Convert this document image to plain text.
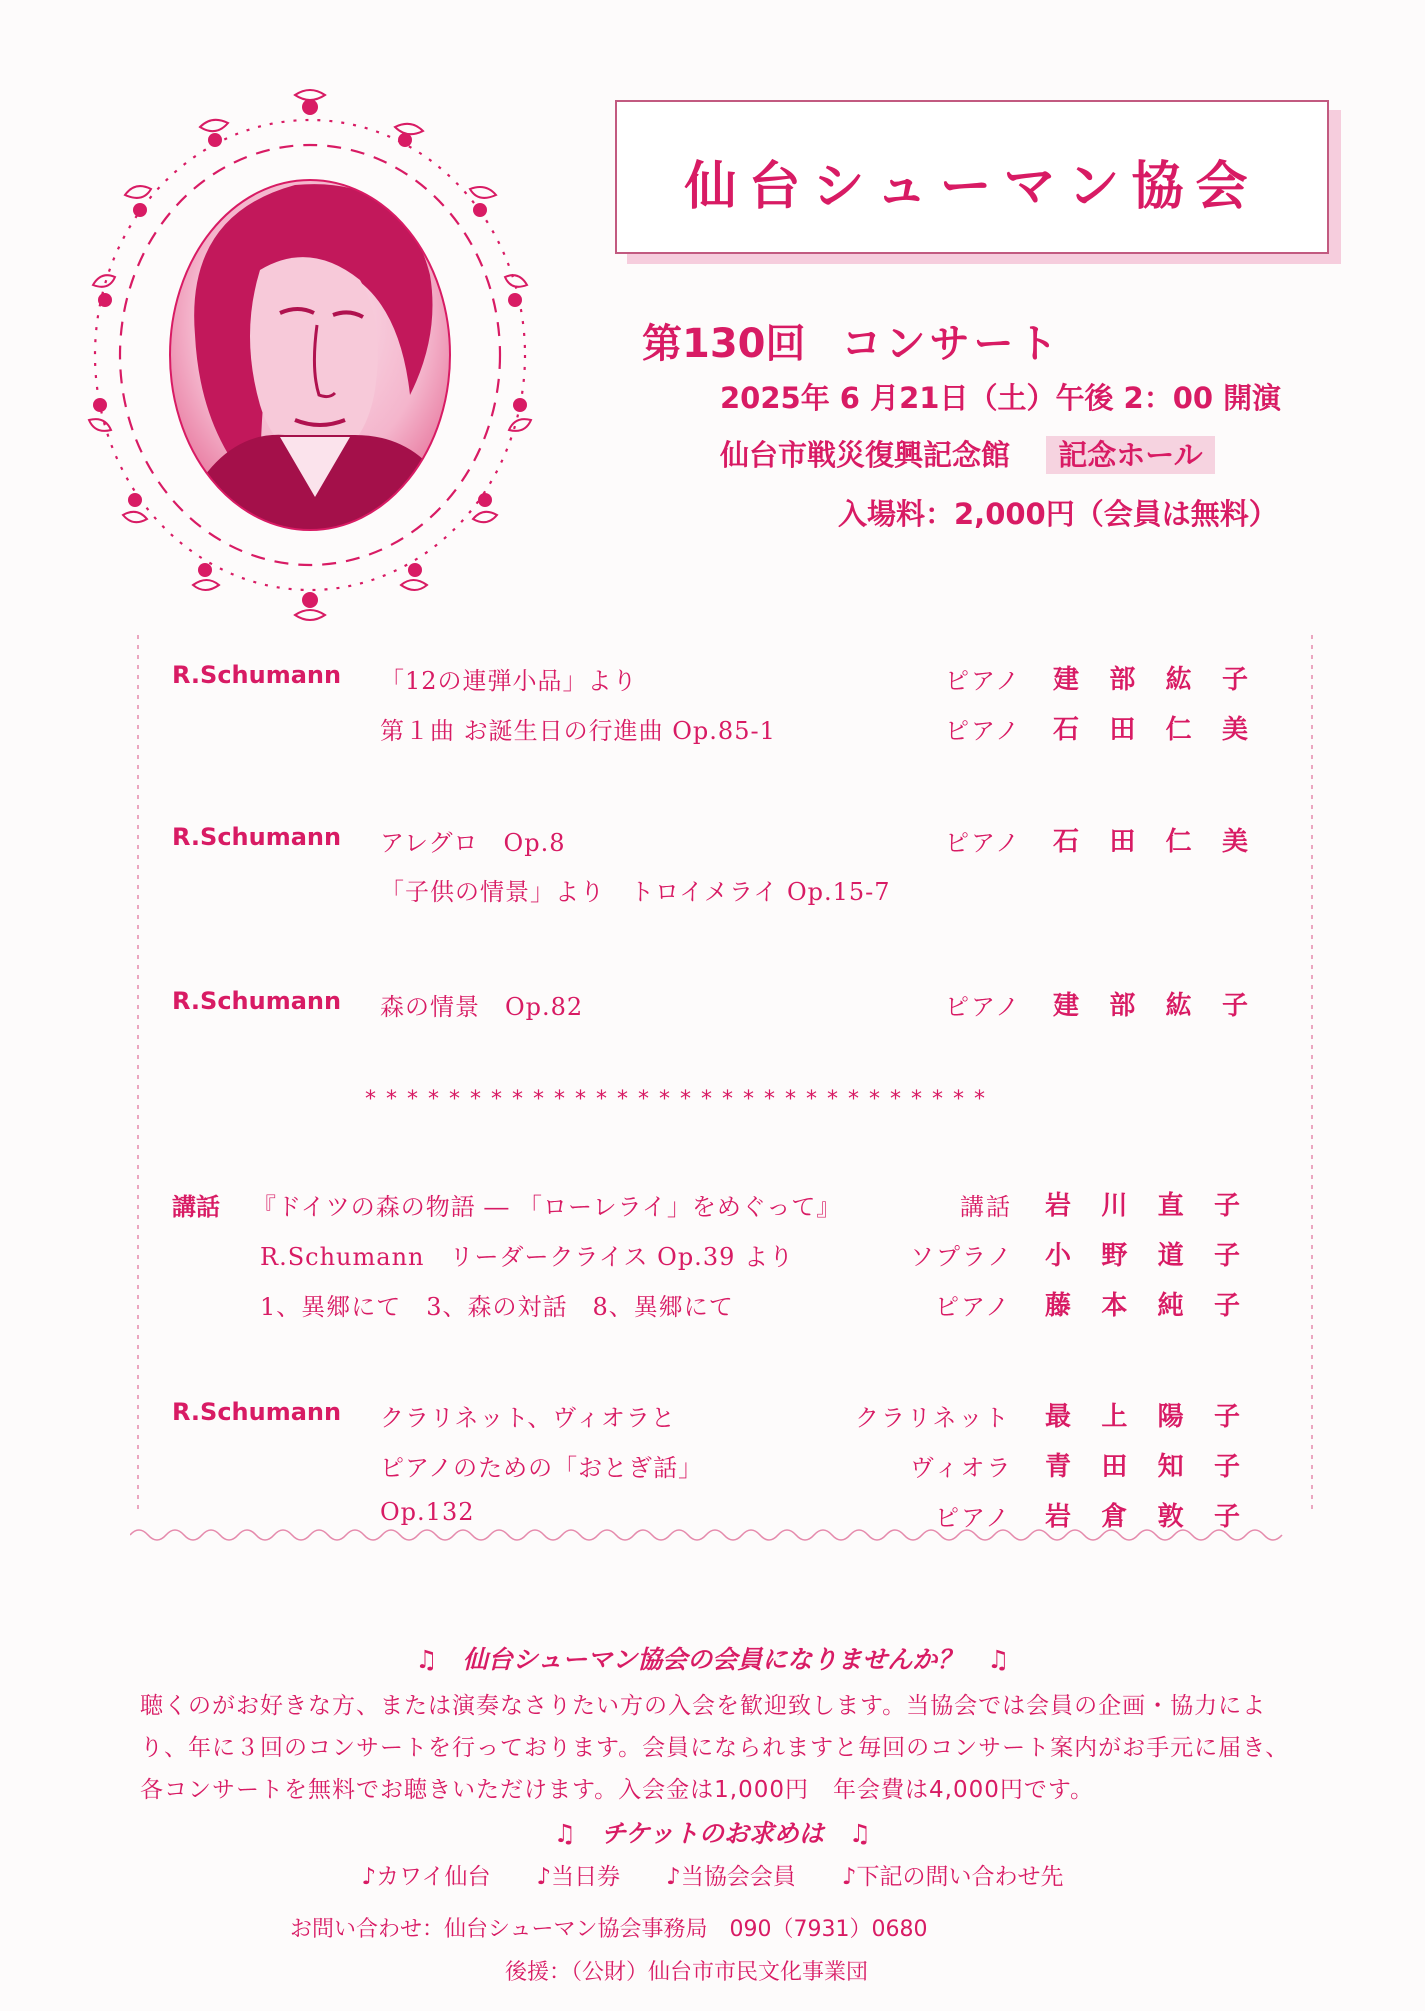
仙台シューマン協会
第130回 コンサート
2025年 6 月21日（土）午後 2：00 開演
仙台市戦災復興記念館 記念ホール
入場料：2,000円（会員は無料）
R.Schumann 「12の連弾小品」より
第１曲 お誕生日の行進曲 Op.85-1
ピアノ 建 部 紘 子
ピアノ 石 田 仁 美
R.Schumann アレグロ　Op.8
「子供の情景」より　トロイメライ Op.15-7
ピアノ 石 田 仁 美
R.Schumann 森の情景　Op.82	ピアノ 建 部 紘 子
******************************
講話 『ドイツの森の物語 ― 「ローレライ」をめぐって』
R.Schumann　リーダークライス Op.39 より
1、異郷にて　3、森の対話　8、異郷にて
講話 岩 川 直 子
ソプラノ 小 野 道 子
ピアノ 藤 本 純 子
R.Schumann クラリネット、ヴィオラと
ピアノのための「おとぎ話」
Op.132
クラリネット 最 上 陽 子
ヴィオラ 青 田 知 子
ピアノ 岩 倉 敦 子
♫　仙台シューマン協会の会員になりませんか？　♫
聴くのがお好きな方、または演奏なさりたい方の入会を歓迎致します。当協会では会員の企画・協力により、年に３回のコンサートを行っております。会員になられますと毎回のコンサート案内がお手元に届き、各コンサートを無料でお聴きいただけます。入会金は1,000円　年会費は4,000円です。
♫　チケットのお求めは　♫
♪カワイ仙台 ♪当日券 ♪当協会会員 ♪下記の問い合わせ先
お問い合わせ：仙台シューマン協会事務局　090（7931）0680
後援：（公財）仙台市市民文化事業団
